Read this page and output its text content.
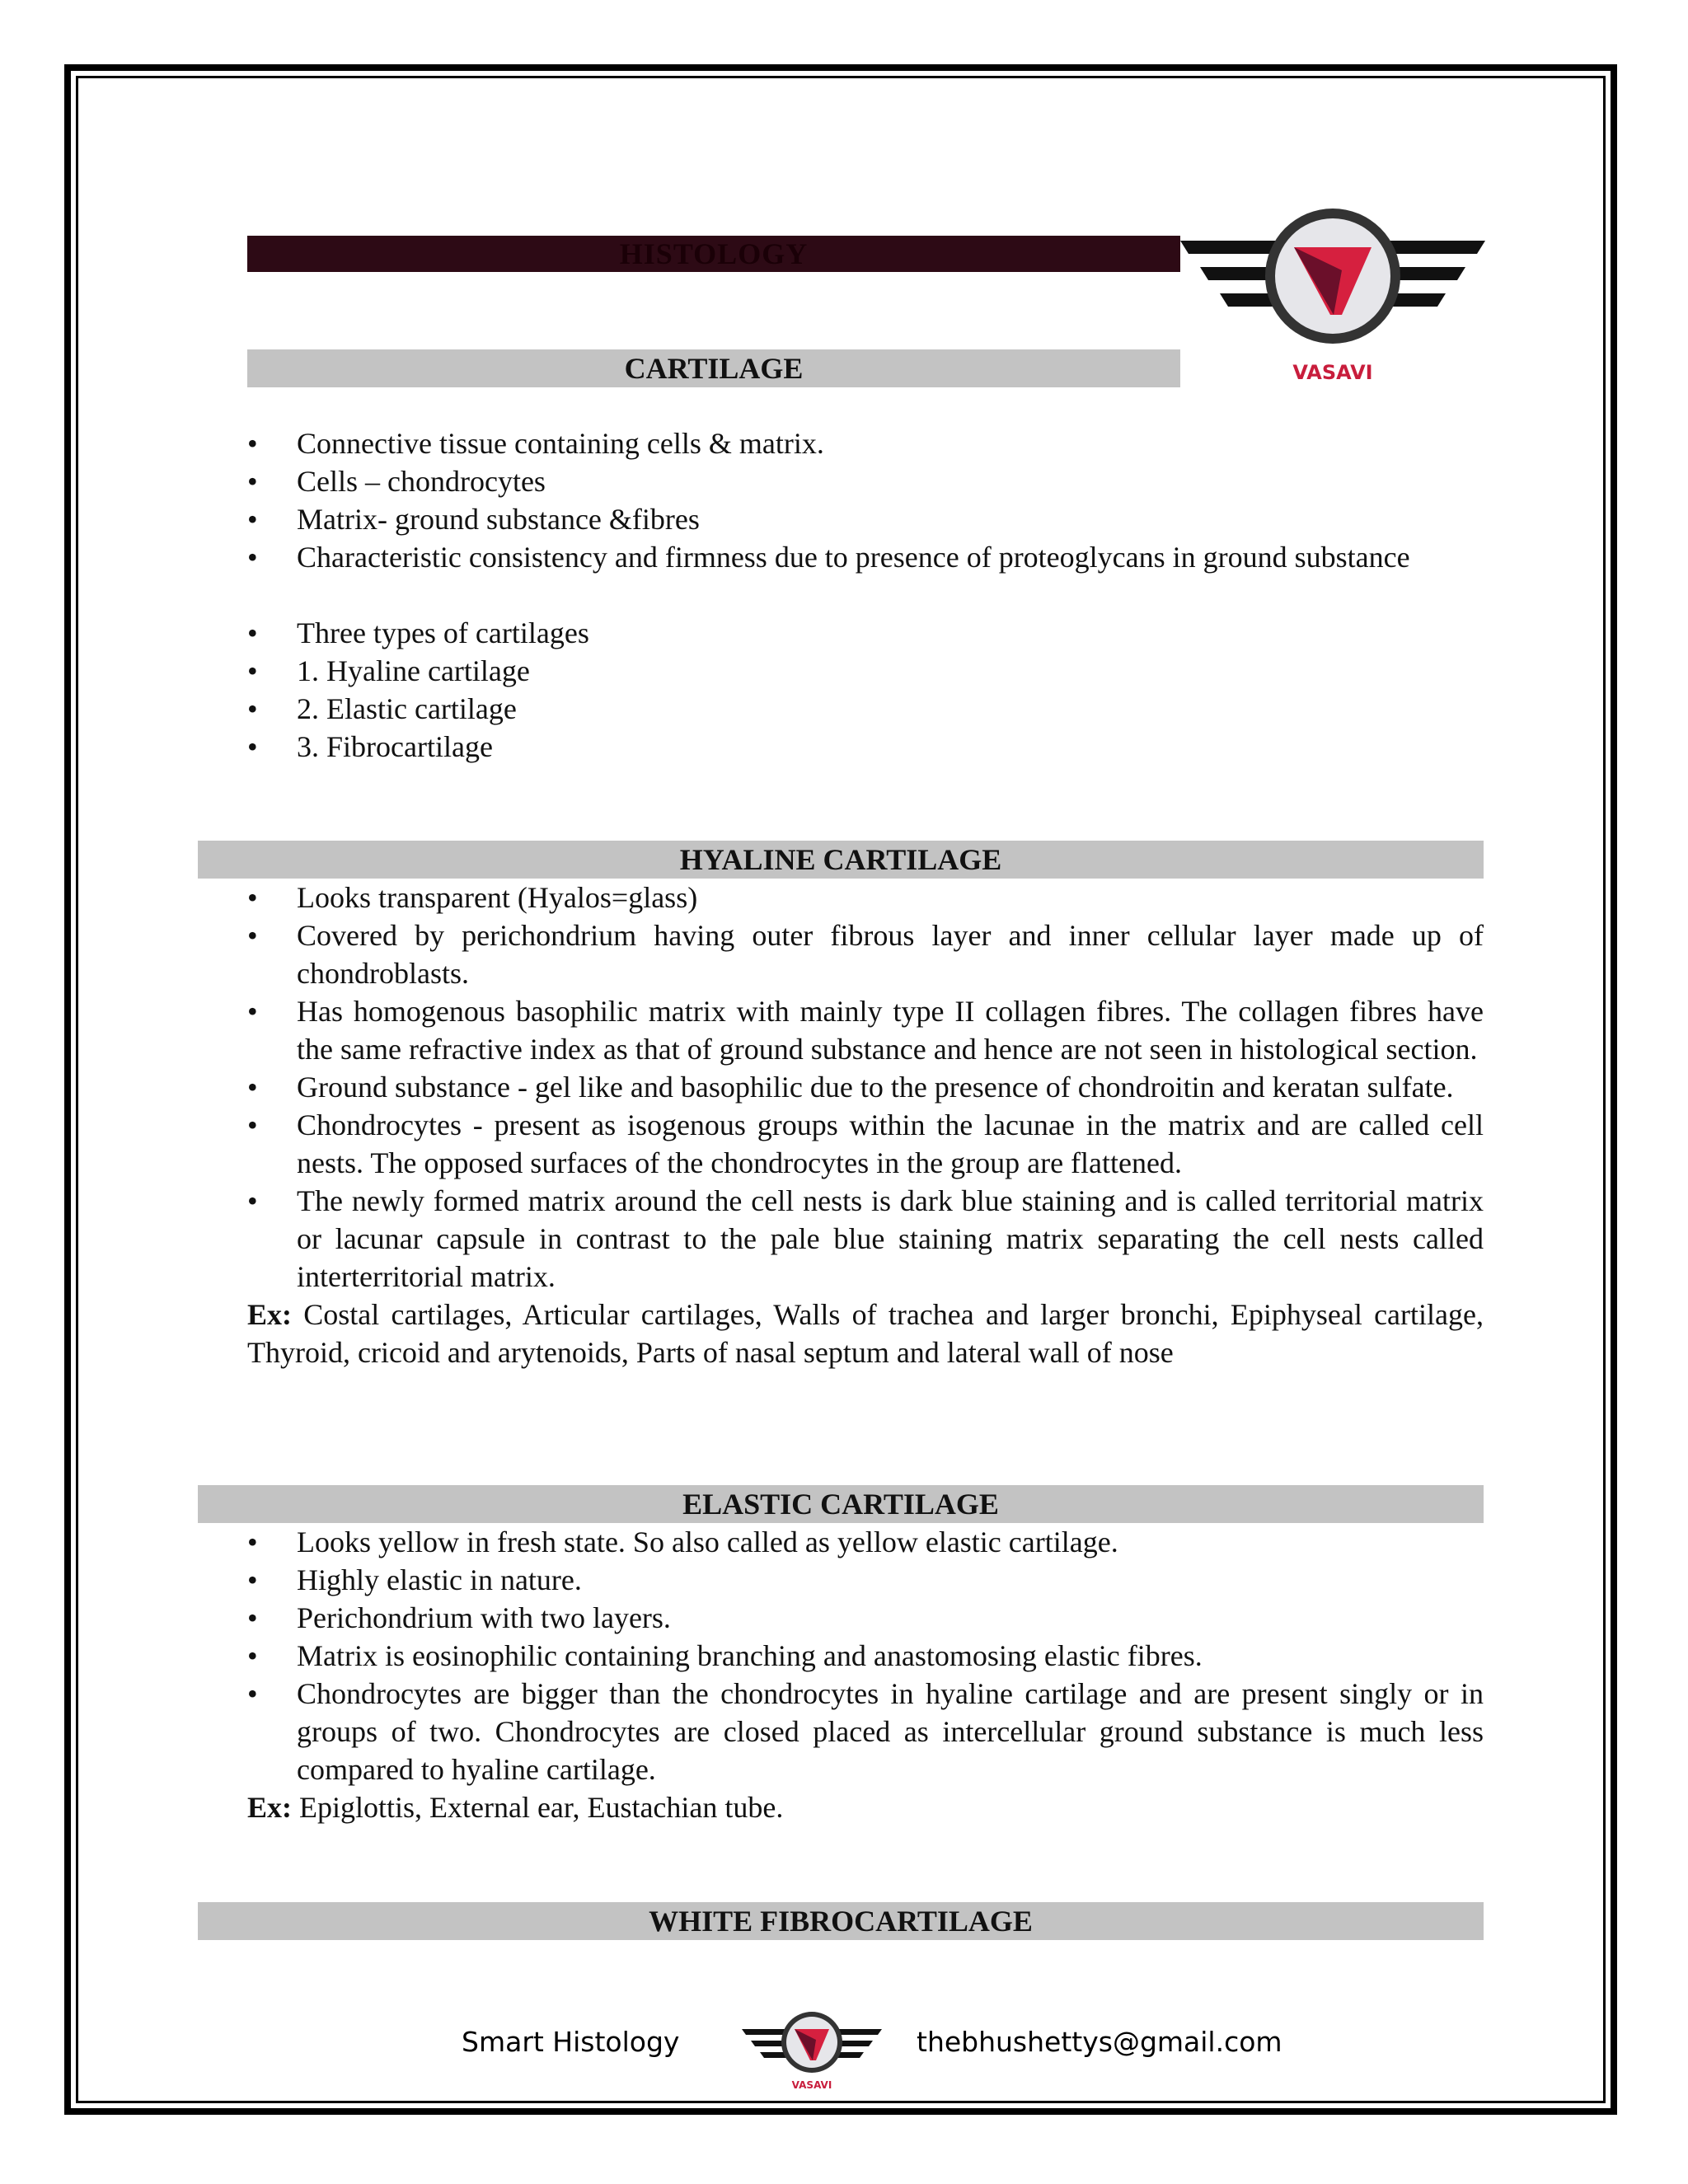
HISTOLOGY
VASAVI
CARTILAGE
• Connective tissue containing cells & matrix.
• Cells – chondrocytes
• Matrix- ground substance &fibres
• Characteristic consistency and firmness due to presence of proteoglycans in ground substance
• Three types of cartilages
• 1. Hyaline cartilage
• 2. Elastic cartilage
• 3. Fibrocartilage
HYALINE CARTILAGE
• Looks transparent (Hyalos=glass)
• Covered by perichondrium having outer fibrous layer and inner cellular layer made up of chondroblasts.
• Has homogenous basophilic matrix with mainly type II collagen fibres. The collagen fibres have the same refractive index as that of ground substance and hence are not seen in histological section.
• Ground substance - gel like and basophilic due to the presence of chondroitin and keratan sulfate.
• Chondrocytes - present as isogenous groups within the lacunae in the matrix and are called cell nests. The opposed surfaces of the chondrocytes in the group are flattened.
• The newly formed matrix around the cell nests is dark blue staining and is called territorial matrix or lacunar capsule in contrast to the pale blue staining matrix separating the cell nests called interterritorial matrix.
Ex: Costal cartilages, Articular cartilages, Walls of trachea and larger bronchi, Epiphyseal cartilage, Thyroid, cricoid and arytenoids, Parts of nasal septum and lateral wall of nose
ELASTIC CARTILAGE
• Looks yellow in fresh state. So also called as yellow elastic cartilage.
• Highly elastic in nature.
• Perichondrium with two layers.
• Matrix is eosinophilic containing branching and anastomosing elastic fibres.
• Chondrocytes are bigger than the chondrocytes in hyaline cartilage and are present singly or in groups of two. Chondrocytes are closed placed as intercellular ground substance is much less compared to hyaline cartilage.
Ex: Epiglottis, External ear, Eustachian tube.
WHITE FIBROCARTILAGE
Smart Histology
VASAVI
thebhushettys@gmail.com
